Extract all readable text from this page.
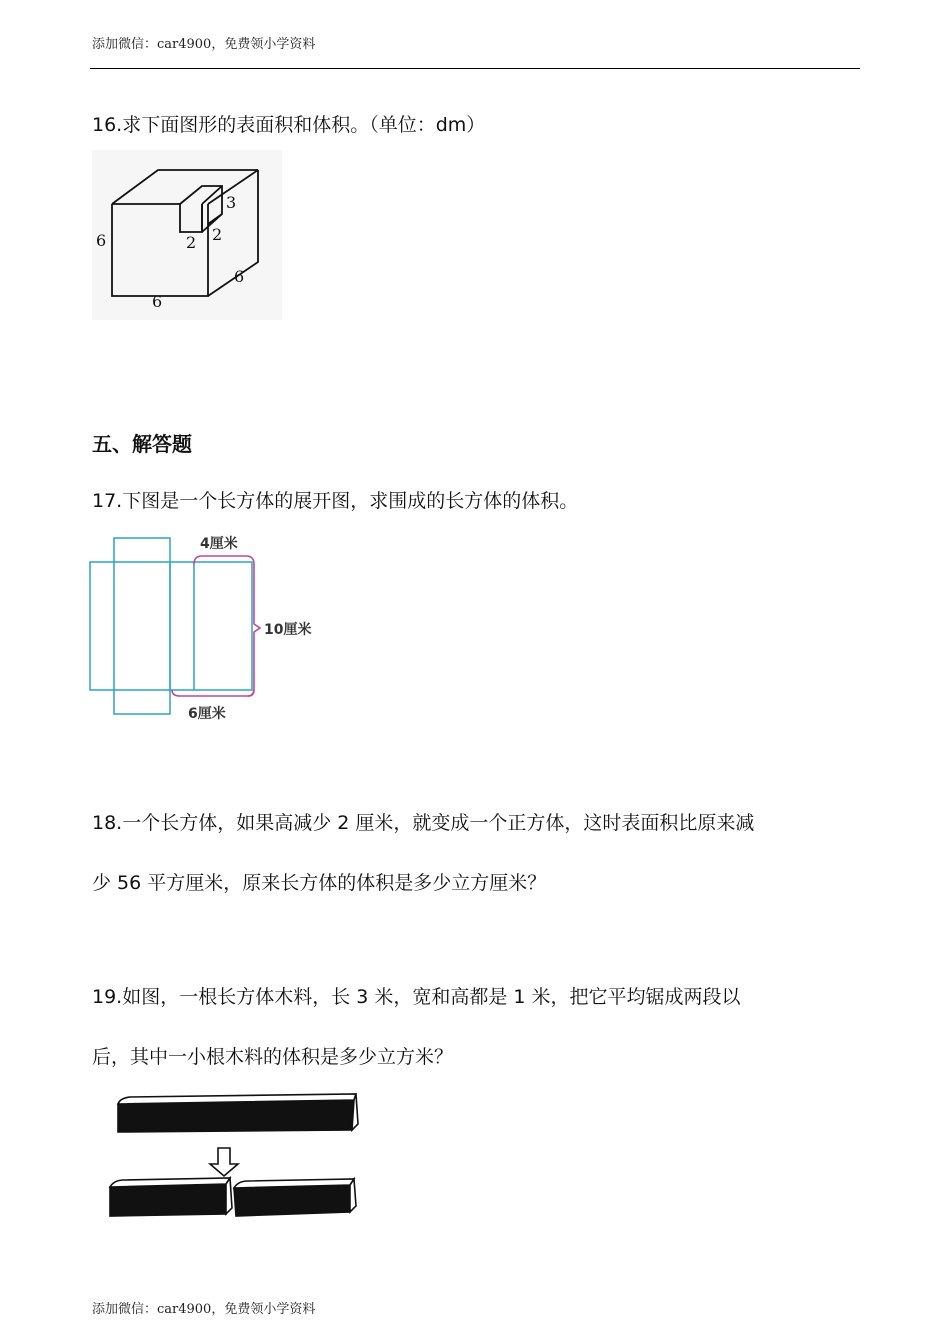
添加微信：car4900，免费领小学资料
16.求下面图形的表面积和体积。（单位：dm）
6
6
6
2 2
3
五、解答题
17.下图是一个长方体的展开图，求围成的长方体的体积。
4厘米
10厘米
6厘米
18.一个长方体，如果高减少 2 厘米，就变成一个正方体，这时表面积比原来减
少 56 平方厘米，原来长方体的体积是多少立方厘米？
19.如图，一根长方体木料，长 3 米，宽和高都是 1 米，把它平均锯成两段以
后，其中一小根木料的体积是多少立方米？
添加微信：car4900，免费领小学资料
